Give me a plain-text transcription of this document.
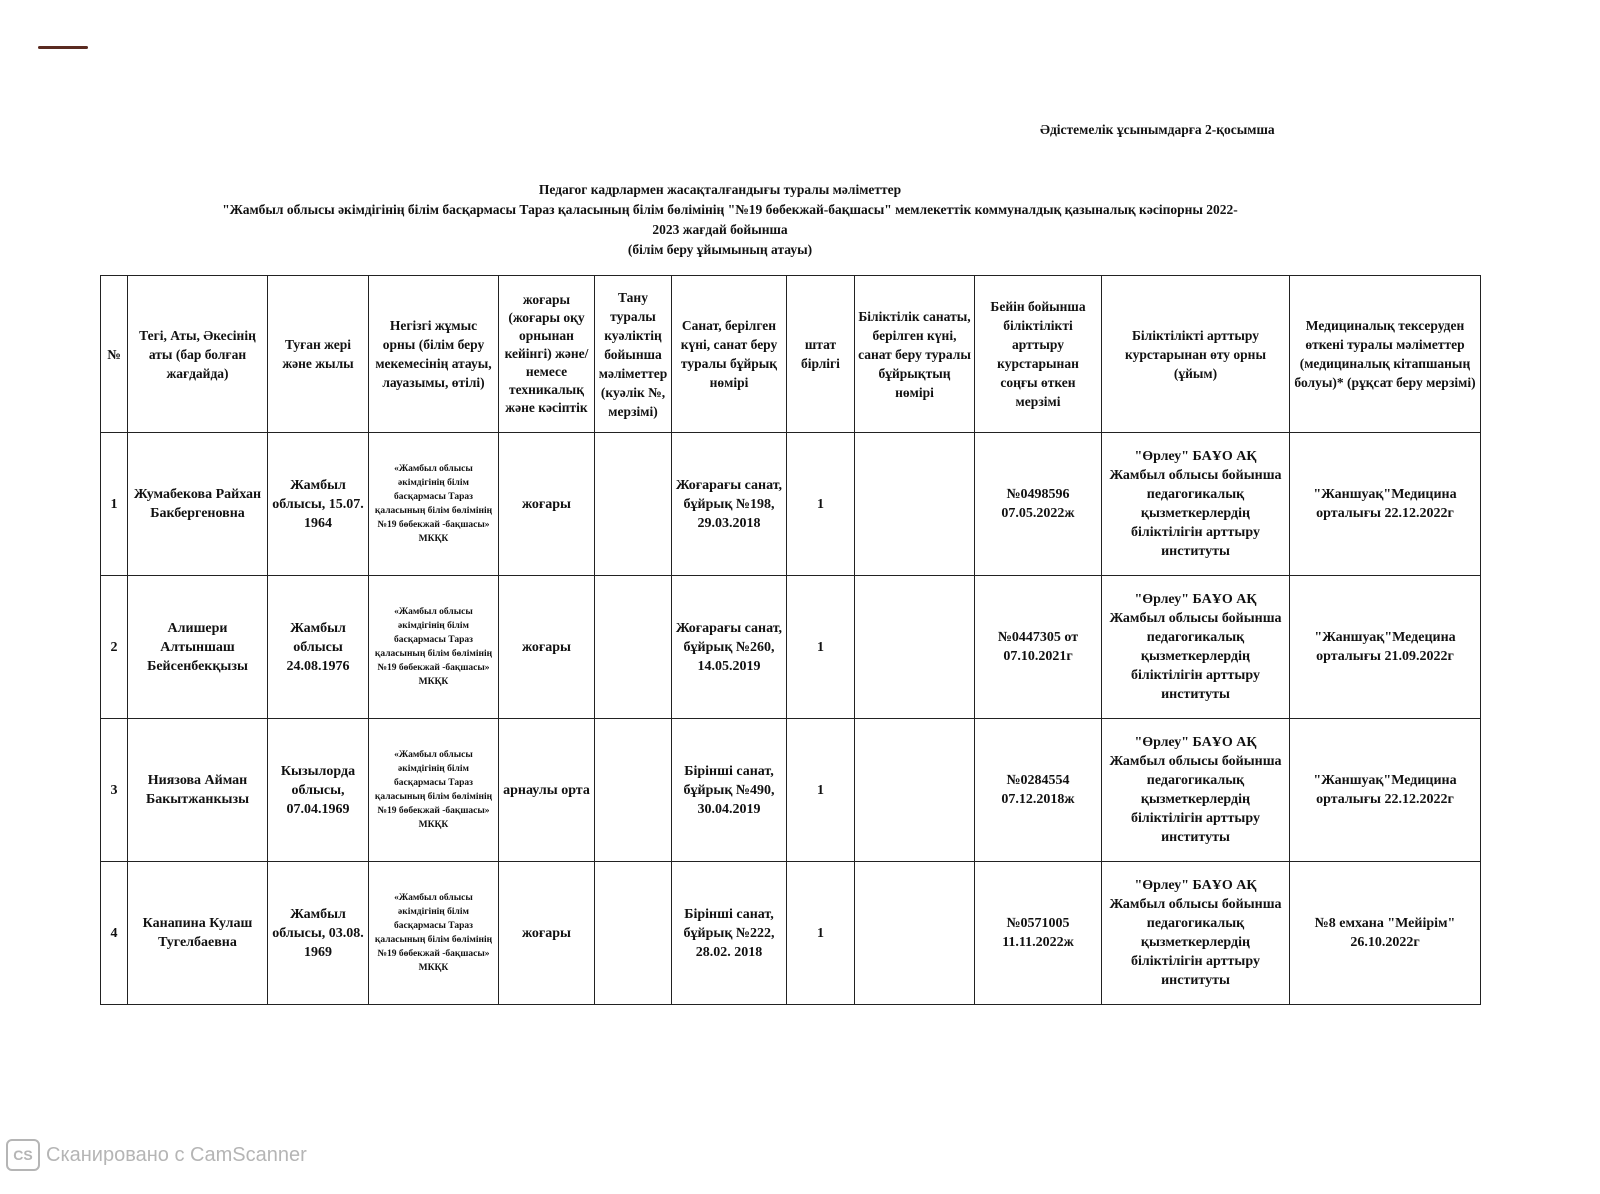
Әдістемелік ұсынымдарға 2-қосымша
Педагог кадрлармен жасақталғандығы туралы мәліметтер
"Жамбыл облысы әкімдігінің білім басқармасы Тараз қаласының білім бөлімінің "№19 бөбекжай-бақшасы" мемлекеттік коммуналдық қазыналық кәсіпорны 2022-
2023 жағдай бойынша
(білім беру ұйымының атауы)
№	Тегі, Аты, Әкесінің аты (бар болған жағдайда)	Туған жері және жылы	Негізгі жұмыс орны (білім беру мекемесінің атауы, лауазымы, өтілі)	жоғары (жоғары оқу орнынан кейінгі) және/немесе техникалық және кәсіптік	Тану туралы куәліктің бойынша мәліметтер (куәлік №, мерзімі)	Санат, берілген күні, санат беру туралы бұйрық нөмірі	штат бірлігі	Біліктілік санаты, берілген күні, санат беру туралы бұйрықтың нөмірі	Бейін бойынша біліктілікті арттыру курстарынан соңғы өткен мерзімі	Біліктілікті арттыру курстарынан өту орны (ұйым)	Медициналық тексеруден өткені туралы мәліметтер (медициналық кітапшаның болуы)* (рұқсат беру мерзімі)
1	Жумабекова Райхан Бакбергеновна	Жамбыл облысы, 15.07. 1964	«Жамбыл облысы әкімдігінің білім басқармасы Тараз қаласының білім бөлімінің №19 бөбекжай -бақшасы» МКҚК	жоғары		Жоғарағы санат, бұйрық №198, 29.03.2018	1		№0498596 07.05.2022ж	"Өрлеу" БАҰО АҚ Жамбыл облысы бойынша педагогикалық қызметкерлердің біліктілігін арттыру институты	"Жаншуақ"Медицина орталығы 22.12.2022г
2	Алишери Алтыншаш Бейсенбекқызы	Жамбыл облысы 24.08.1976	«Жамбыл облысы әкімдігінің білім басқармасы Тараз қаласының білім бөлімінің №19 бөбекжай -бақшасы» МКҚК	жоғары		Жоғарағы санат, бұйрық №260, 14.05.2019	1		№0447305 от 07.10.2021г	"Өрлеу" БАҰО АҚ Жамбыл облысы бойынша педагогикалық қызметкерлердің біліктілігін арттыру институты	"Жаншуақ"Медецина орталығы 21.09.2022г
3	Ниязова Айман Бакытжанкызы	Кызылорда облысы, 07.04.1969	«Жамбыл облысы әкімдігінің білім басқармасы Тараз қаласының білім бөлімінің №19 бөбекжай -бақшасы» МКҚК	арнаулы орта		Бірінші санат, бұйрық №490, 30.04.2019	1		№0284554 07.12.2018ж	"Өрлеу" БАҰО АҚ Жамбыл облысы бойынша педагогикалық қызметкерлердің біліктілігін арттыру институты	"Жаншуақ"Медицина орталығы 22.12.2022г
4	Канапина Кулаш Тугелбаевна	Жамбыл облысы, 03.08. 1969	«Жамбыл облысы әкімдігінің білім басқармасы Тараз қаласының білім бөлімінің №19 бөбекжай -бақшасы» МКҚК	жоғары		Бірінші санат, бұйрық №222, 28.02. 2018	1		№0571005 11.11.2022ж	"Өрлеу" БАҰО АҚ Жамбыл облысы бойынша педагогикалық қызметкерлердің біліктілігін арттыру институты	№8 емхана "Мейірім" 26.10.2022г
CS Сканировано с CamScanner
